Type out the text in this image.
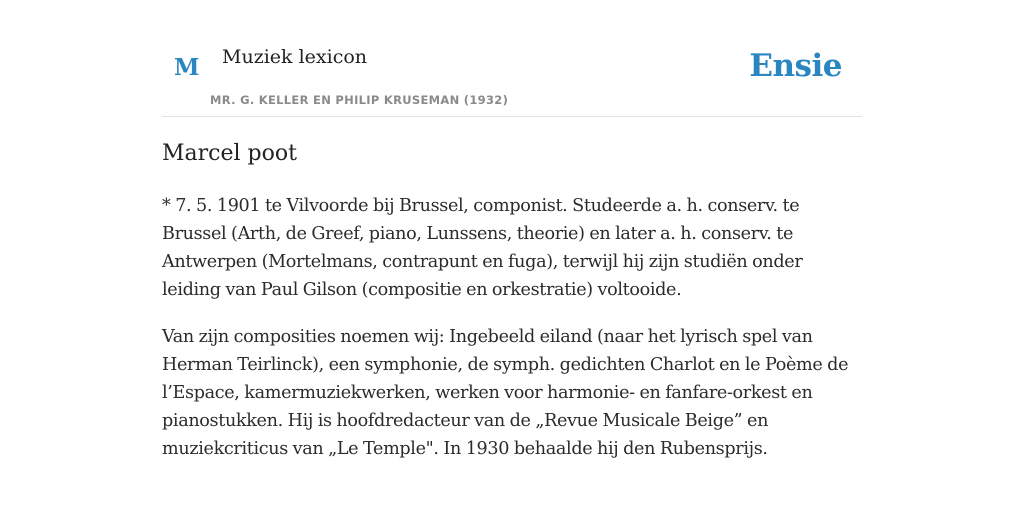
M Muziek lexicon
MR. G. KELLER EN PHILIP KRUSEMAN (1932)
Ensie
Marcel poot

* 7. 5. 1901 te Vilvoorde bij Brussel, componist. Studeerde a. h. conserv. te Brussel (Arth, de Greef, piano, Lunssens, theorie) en later a. h. conserv. te Antwerpen (Mortelmans, contrapunt en fuga), terwijl hij zijn studiën onder leiding van Paul Gilson (compositie en orkestratie) voltooide.

Van zijn composities noemen wij: Ingebeeld eiland (naar het lyrisch spel van Herman Teirlinck), een symphonie, de symph. gedichten Charlot en le Poème de l’Espace, kamermuziekwerken, werken voor harmonie- en fanfare-orkest en pianostukken. Hij is hoofdredacteur van de „Revue Musicale Beige” en muziekcriticus van „Le Temple". In 1930 behaalde hij den Rubensprijs.
